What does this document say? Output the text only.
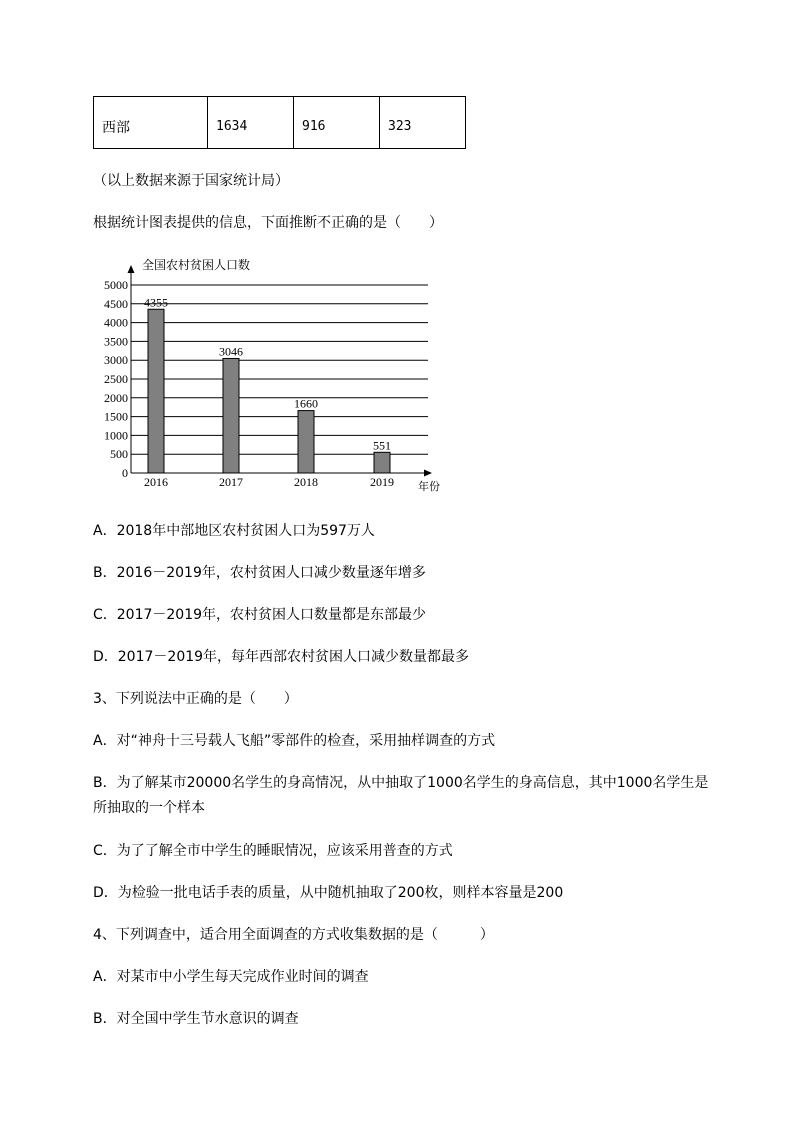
西部	1634	916	323
（以上数据来源于国家统计局）
根据统计图表提供的信息，下面推断不正确的是（　　）
全国农村贫困人口数
0
500
1000
1500
2000
2500
3000
3500
4000
4500
5000
4355
3046
1660
551
2016	2017	2018	2019 年份
A．2018年中部地区农村贫困人口为597万人
B．2016－2019年，农村贫困人口减少数量逐年增多
C．2017－2019年，农村贫困人口数量都是东部最少
D．2017－2019年，每年西部农村贫困人口减少数量都最多
3、下列说法中正确的是（　　）
A．对“神舟十三号载人飞船”零部件的检查，采用抽样调查的方式
B．为了解某市20000名学生的身高情况，从中抽取了1000名学生的身高信息，其中1000名学生是
所抽取的一个样本
C．为了了解全市中学生的睡眠情况，应该采用普查的方式
D．为检验一批电话手表的质量，从中随机抽取了200枚，则样本容量是200
4、下列调查中，适合用全面调查的方式收集数据的是（　　　）
A．对某市中小学生每天完成作业时间的调查
B．对全国中学生节水意识的调查
